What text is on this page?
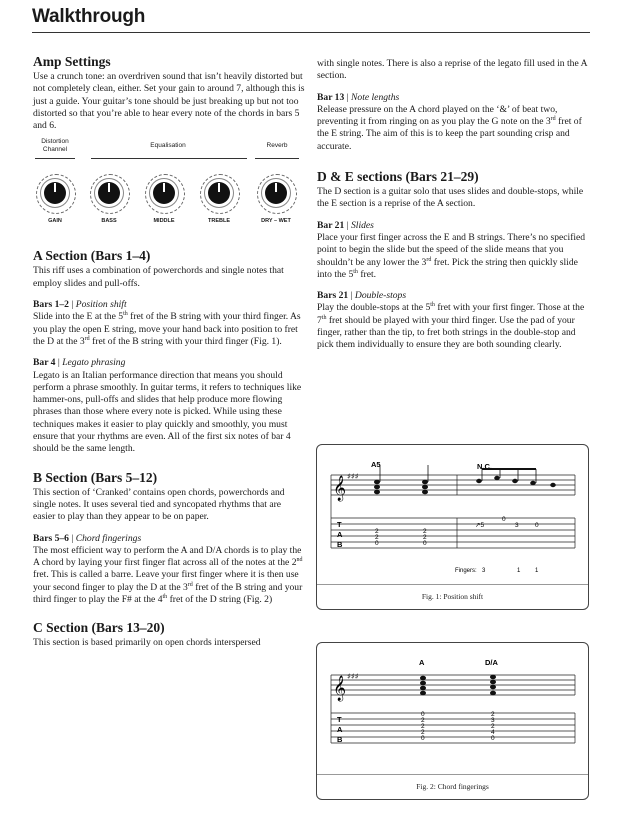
Walkthrough
Amp Settings

Use a crunch tone: an overdriven sound that isn’t heavily distorted but not completely clean, either. Set your gain to around 7, although this is just a guide. Your guitar’s tone should be just breaking up but not too distorted so that you’re able to hear every note of the chords in bars 5 and 6.

Distortion Channel
Equalisation	Reverb
GAIN	BASS	MIDDLE	TREBLE	DRY – WET
A Section (Bars 1–4)

This riff uses a combination of powerchords and single notes that employ slides and pull-offs.

Bars 1–2 | Position shift

Slide into the E at the 5th fret of the B string with your third finger. As you play the open E string, move your hand back into position to fret the D at the 3rd fret of the B string with your third finger (Fig. 1).

Bar 4 | Legato phrasing

Legato is an Italian performance direction that means you should perform a phrase smoothly. In guitar terms, it refers to techniques like hammer-ons, pull-offs and slides that help produce more flowing phrases than those where every note is picked. While using these techniques makes it easier to play quickly and smoothly, you must ensure that your rhythms are even. All of the first six notes of bar 4 should be the same length.

B Section (Bars 5–12)

This section of ‘Cranked’ contains open chords, powerchords and single notes. It uses several tied and syncopated rhythms that are easier to play than they appear to be on paper.

Bars 5–6 | Chord fingerings

The most efficient way to perform the A and D/A chords is to play the A chord by laying your first finger flat across all of the notes at the 2nd fret. This is called a barre. Leave your first finger where it is then use your second finger to play the D at the 3rd fret of the B string and your third finger to play the F# at the 4th fret of the D string (Fig. 2)

C Section (Bars 13–20)

This section is based primarily on open chords interspersed

with single notes. There is also a reprise of the legato fill used in the A section.

Bar 13 | Note lengths

Release pressure on the A chord played on the ‘&’ of beat two, preventing it from ringing on as you play the G note on the 3rd fret of the E string. The aim of this is to keep the part sounding crisp and accurate.

D & E sections (Bars 21–29)

The D section is a guitar solo that uses slides and double-stops, while the E section is a reprise of the A section.

Bar 21 | Slides

Place your first finger across the E and B strings. There’s no specified point to begin the slide but the speed of the slide means that you shouldn’t be any lower the 3rd fret. Pick the string then quickly slide into the 5th fret.

Bars 21 | Double-stops

Play the double-stops at the 5th fret with your first finger. Those at the 7th fret should be played with your third finger. Use the pad of your finger, rather than the tip, to fret both strings in the double-stop and pick them individually to ensure they are both sounding clearly.

𝄞 ♯♯♯
T
A
B
A5	N.C.
2
2
0
2
2
0
↗5
0
3	0
Fingers: 3	1 1
Fig. 1: Position shift
𝄞 ♯♯♯
T
A
B
A	D/A
0
2
2
2
0
2
3
2
4
0
Fig. 2: Chord fingerings
